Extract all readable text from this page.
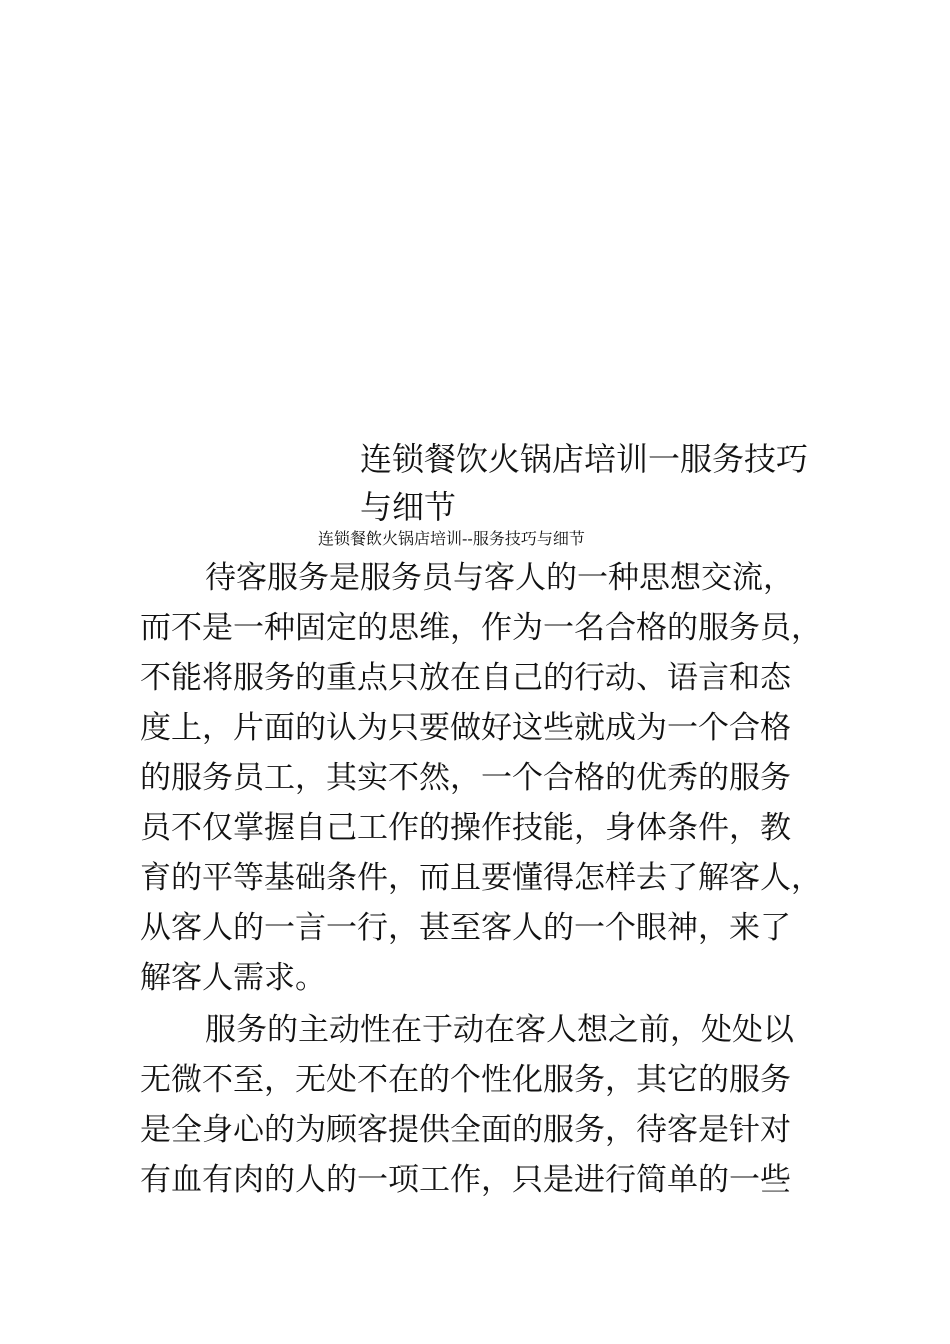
连锁餐饮火锅店培训一服务技巧
与细节

连锁餐飲火锅店培训--服务技巧与细节

待客服务是服务员与客人的一种思想交流，
而不是一种固定的思维，作为一名合格的服务员，
不能将服务的重点只放在自己的行动、语言和态
度上，片面的认为只要做好这些就成为一个合格
的服务员工，其实不然，一个合格的优秀的服务
员不仅掌握自己工作的操作技能，身体条件，教
育的平等基础条件，而且要懂得怎样去了解客人，
从客人的一言一行，甚至客人的一个眼神，来了
解客人需求。
服务的主动性在于动在客人想之前，处处以
无微不至，无处不在的个性化服务，其它的服务
是全身心的为顾客提供全面的服务，待客是针对
有血有肉的人的一项工作，只是进行简单的一些
